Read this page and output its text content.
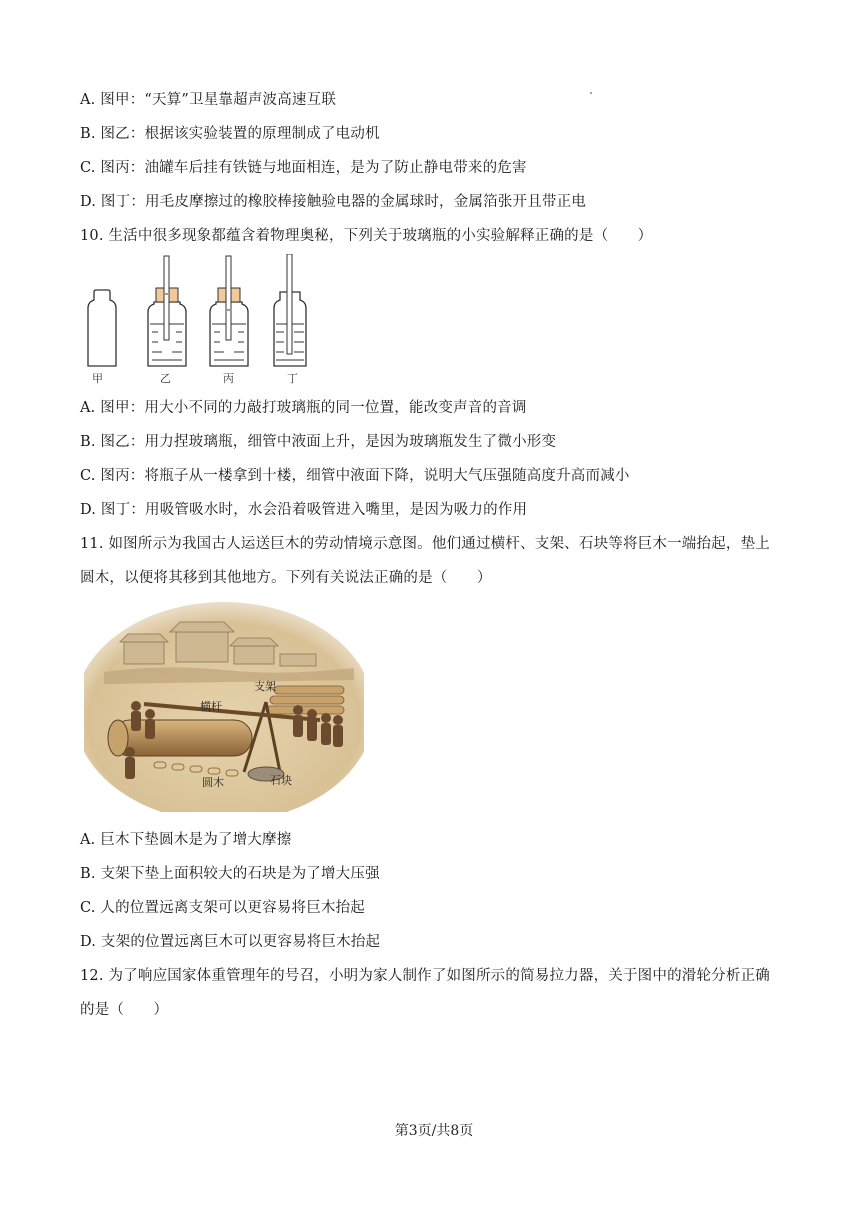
A. 图甲：“天算”卫星靠超声波高速互联
B. 图乙：根据该实验装置的原理制成了电动机
C. 图丙：油罐车后挂有铁链与地面相连，是为了防止静电带来的危害
D. 图丁：用毛皮摩擦过的橡胶棒接触验电器的金属球时，金属箔张开且带正电
10. 生活中很多现象都蕴含着物理奥秘，下列关于玻璃瓶的小实验解释正确的是（　　）
甲	乙	丙	丁
A. 图甲：用大小不同的力敲打玻璃瓶的同一位置，能改变声音的音调
B. 图乙：用力捏玻璃瓶，细管中液面上升，是因为玻璃瓶发生了微小形变
C. 图丙：将瓶子从一楼拿到十楼，细管中液面下降，说明大气压强随高度升高而减小
D. 图丁：用吸管吸水时，水会沿着吸管进入嘴里，是因为吸力的作用
11. 如图所示为我国古人运送巨木的劳动情境示意图。他们通过横杆、支架、石块等将巨木一端抬起，垫上
圆木，以便将其移到其他地方。下列有关说法正确的是（　　）
支架
横杆
圆木	石块
A. 巨木下垫圆木是为了增大摩擦
B. 支架下垫上面积较大的石块是为了增大压强
C. 人的位置远离支架可以更容易将巨木抬起
D. 支架的位置远离巨木可以更容易将巨木抬起
12. 为了响应国家体重管理年的号召，小明为家人制作了如图所示的简易拉力器，关于图中的滑轮分析正确
的是（　　）
第3页/共8页
